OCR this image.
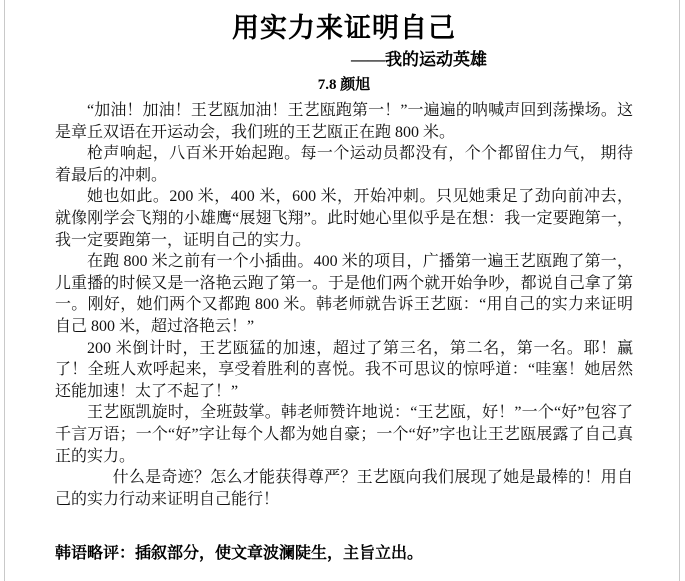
用实力来证明自己
——我的运动英雄
7.8 颜旭

“加油！加油！王艺瓯加油！王艺瓯跑第一！”一遍遍的呐喊声回到荡操场。这是章丘双语在开运动会，我们班的王艺瓯正在跑 800 米。

枪声响起，八百米开始起跑。每一个运动员都没有，个个都留住力气， 期待着最后的冲刺。

她也如此。200 米，400 米，600 米，开始冲刺。只见她秉足了劲向前冲去，就像刚学会飞翔的小雄鹰“展翅飞翔”。此时她心里似乎是在想：我一定要跑第一，我一定要跑第一，证明自己的实力。

在跑 800 米之前有一个小插曲。400 米的项目，广播第一遍王艺瓯跑了第一，儿重播的时候又是一洛艳云跑了第一。于是他们两个就开始争吵，都说自己拿了第一。刚好，她们两个又都跑 800 米。韩老师就告诉王艺瓯：“用自己的实力来证明自己 800 米，超过洛艳云！”

200 米倒计时，王艺瓯猛的加速，超过了第三名，第二名，第一名。耶！赢了！全班人欢呼起来，享受着胜利的喜悦。我不可思议的惊呼道：“哇塞！她居然还能加速！太了不起了！”

王艺瓯凯旋时，全班鼓掌。韩老师赞许地说：“王艺瓯，好！”一个“好”包容了千言万语；一个“好”字让每个人都为她自豪；一个“好”字也让王艺瓯展露了自己真正的实力。

什么是奇迹？怎么才能获得尊严？王艺瓯向我们展现了她是最棒的！用自己的实力行动来证明自己能行！

韩语略评：插叙部分，使文章波澜陡生，主旨立出。
